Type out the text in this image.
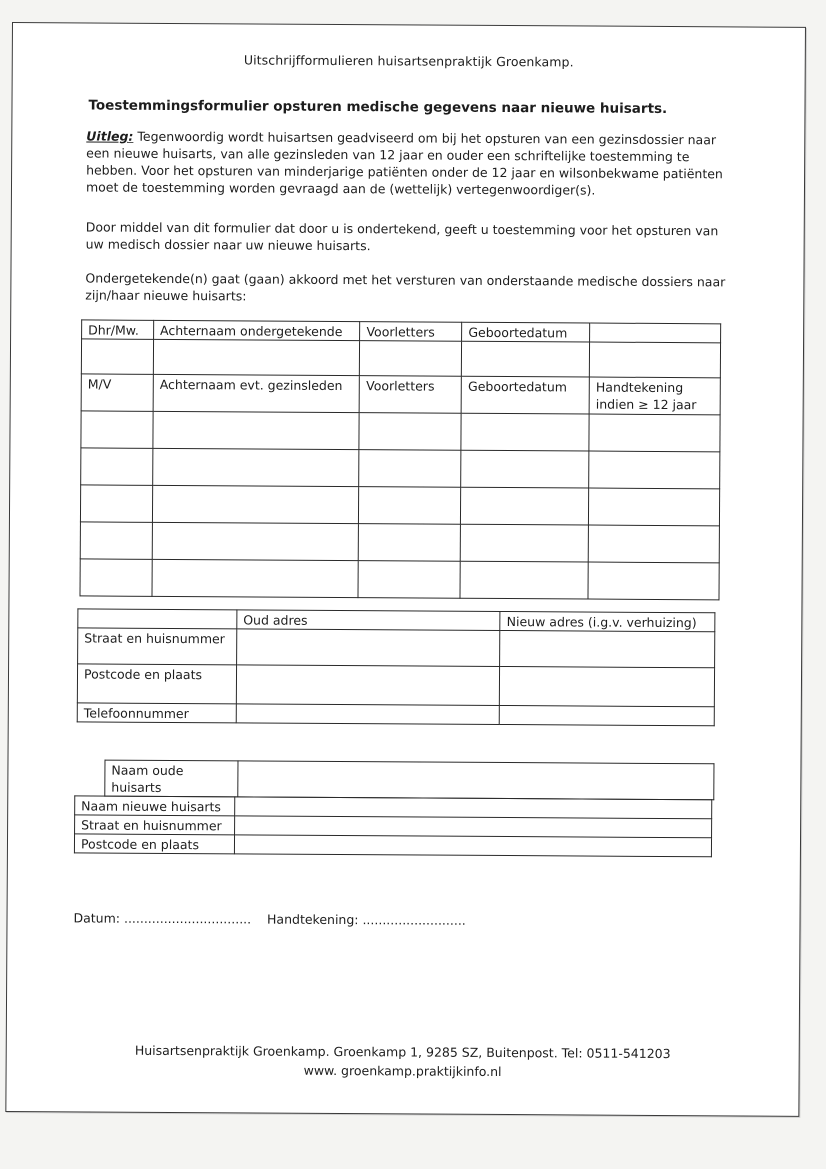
Uitschrijfformulieren huisartsenpraktijk Groenkamp.
Toestemmingsformulier opsturen medische gegevens naar nieuwe huisarts.
Uitleg: Tegenwoordig wordt huisartsen geadviseerd om bij het opsturen van een gezinsdossier naar een nieuwe huisarts, van alle gezinsleden van 12 jaar en ouder een schriftelijke toestemming te hebben. Voor het opsturen van minderjarige patiënten onder de 12 jaar en wilsonbekwame patiënten moet de toestemming worden gevraagd aan de (wettelijk) vertegenwoordiger(s).
Door middel van dit formulier dat door u is ondertekend, geeft u toestemming voor het opsturen van uw medisch dossier naar uw nieuwe huisarts.
Ondergetekende(n) gaat (gaan) akkoord met het versturen van onderstaande medische dossiers naar zijn/haar nieuwe huisarts:
Dhr/Mw.	Achternaam ondergetekende	Voorletters	Geboortedatum	

M/V	Achternaam evt. gezinsleden	Voorletters	Geboortedatum	Handtekening indien ≥ 12 jaar

	Oud adres	Nieuw adres (i.g.v. verhuizing)
Straat en huisnummer		
Postcode en plaats		
Telefoonnummer		
Naam oude huisarts	
Naam nieuwe huisarts	
Straat en huisnummer	
Postcode en plaats	
Datum: ................................ Handtekening: ..........................
Huisartsenpraktijk Groenkamp. Groenkamp 1, 9285 SZ, Buitenpost. Tel: 0511-541203
www. groenkamp.praktijkinfo.nl
